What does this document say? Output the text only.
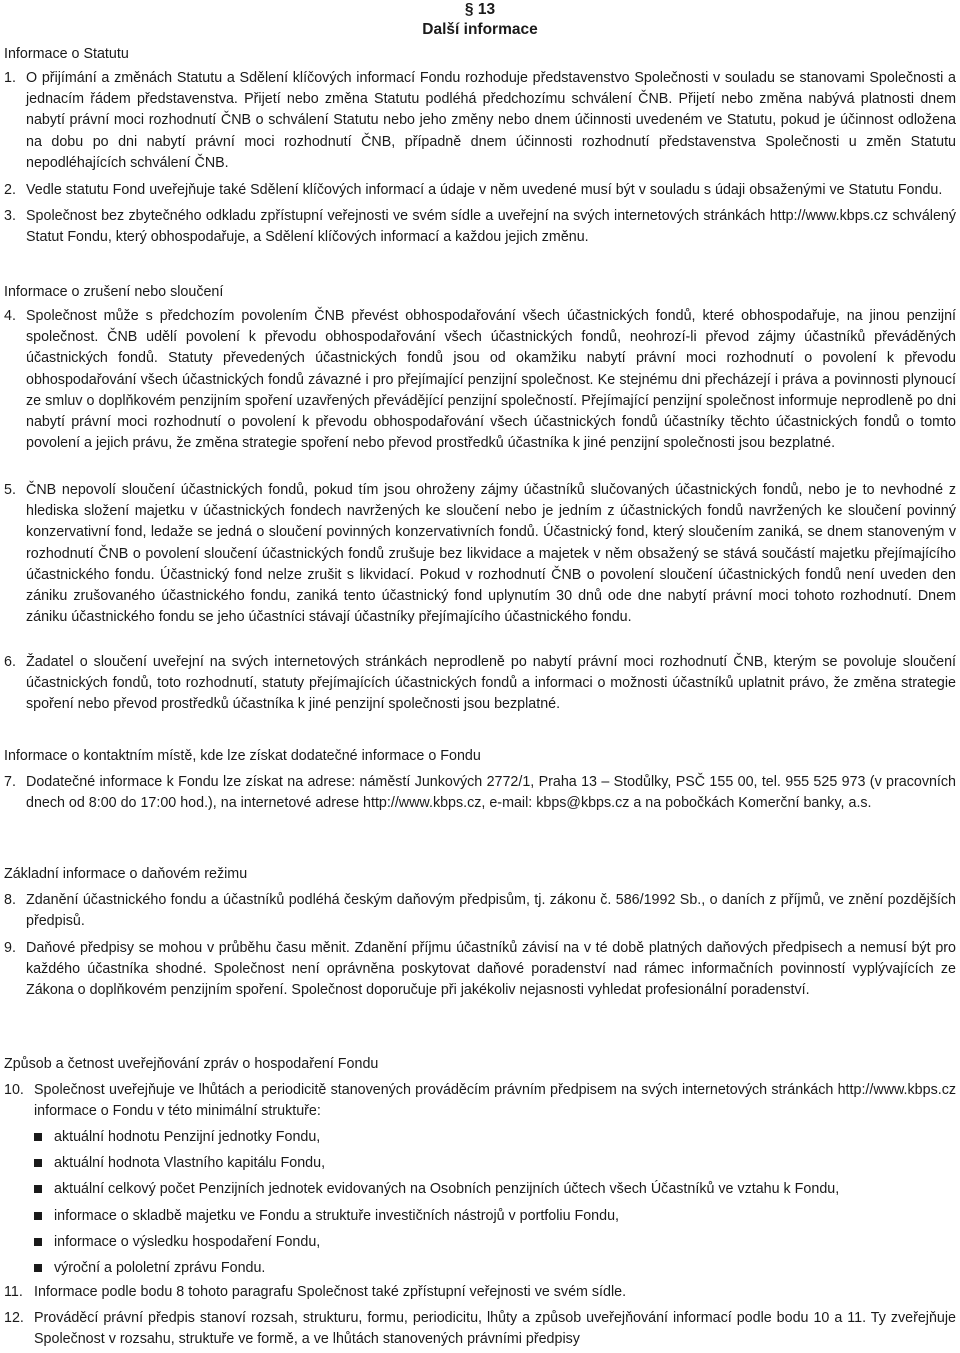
§ 13
Další informace
Informace o Statutu
1. O přijímání a změnách Statutu a Sdělení klíčových informací Fondu rozhoduje představenstvo Společnosti v souladu se stanovami Společnosti a jednacím řádem představenstva. Přijetí nebo změna Statutu podléhá předchozímu schválení ČNB. Přijetí nebo změna nabývá platnosti dnem nabytí právní moci rozhodnutí ČNB o schválení Statutu nebo jeho změny nebo dnem účinnosti uvedeném ve Statutu, pokud je účinnost odložena na dobu po dni nabytí právní moci rozhodnutí ČNB, případně dnem účinnosti rozhodnutí představenstva Společnosti u změn Statutu nepodléhajících schválení ČNB.
2. Vedle statutu Fond uveřejňuje také Sdělení klíčových informací a údaje v něm uvedené musí být v souladu s údaji obsaženými ve Statutu Fondu.
3. Společnost bez zbytečného odkladu zpřístupní veřejnosti ve svém sídle a uveřejní na svých internetových stránkách http://www.kbps.cz schválený Statut Fondu, který obhospodařuje, a Sdělení klíčových informací a každou jejich změnu.
Informace o zrušení nebo sloučení
4. Společnost může s předchozím povolením ČNB převést obhospodařování všech účastnických fondů, které obhospodařuje, na jinou penzijní společnost. ČNB udělí povolení k převodu obhospodařování všech účastnických fondů, neohrozí-li převod zájmy účastníků převáděných účastnických fondů. Statuty převedených účastnických fondů jsou od okamžiku nabytí právní moci rozhodnutí o povolení k převodu obhospodařování všech účastnických fondů závazné i pro přejímající penzijní společnost. Ke stejnému dni přecházejí i práva a povinnosti plynoucí ze smluv o doplňkovém penzijním spoření uzavřených převádějící penzijní společností. Přejímající penzijní společnost informuje neprodleně po dni nabytí právní moci rozhodnutí o povolení k převodu obhospodařování všech účastnických fondů účastníky těchto účastnických fondů o tomto povolení a jejich právu, že změna strategie spoření nebo převod prostředků účastníka k jiné penzijní společnosti jsou bezplatné.
5. ČNB nepovolí sloučení účastnických fondů, pokud tím jsou ohroženy zájmy účastníků slučovaných účastnických fondů, nebo je to nevhodné z hlediska složení majetku v účastnických fondech navržených ke sloučení nebo je jedním z účastnických fondů navržených ke sloučení povinný konzervativní fond, ledaže se jedná o sloučení povinných konzervativních fondů. Účastnický fond, který sloučením zaniká, se dnem stanoveným v rozhodnutí ČNB o povolení sloučení účastnických fondů zrušuje bez likvidace a majetek v něm obsažený se stává součástí majetku přejímajícího účastnického fondu. Účastnický fond nelze zrušit s likvidací. Pokud v rozhodnutí ČNB o povolení sloučení účastnických fondů není uveden den zániku zrušovaného účastnického fondu, zaniká tento účastnický fond uplynutím 30 dnů ode dne nabytí právní moci tohoto rozhodnutí. Dnem zániku účastnického fondu se jeho účastníci stávají účastníky přejímajícího účastnického fondu.
6. Žadatel o sloučení uveřejní na svých internetových stránkách neprodleně po nabytí právní moci rozhodnutí ČNB, kterým se povoluje sloučení účastnických fondů, toto rozhodnutí, statuty přejímajících účastnických fondů a informaci o možnosti účastníků uplatnit právo, že změna strategie spoření nebo převod prostředků účastníka k jiné penzijní společnosti jsou bezplatné.
Informace o kontaktním místě, kde lze získat dodatečné informace o Fondu
7. Dodatečné informace k Fondu lze získat na adrese: náměstí Junkových 2772/1, Praha 13 – Stodůlky, PSČ 155 00, tel. 955 525 973 (v pracovních dnech od 8:00 do 17:00 hod.), na internetové adrese http://www.kbps.cz, e-mail: kbps@kbps.cz a na pobočkách Komerční banky, a.s.
Základní informace o daňovém režimu
8. Zdanění účastnického fondu a účastníků podléhá českým daňovým předpisům, tj. zákonu č. 586/1992 Sb., o daních z příjmů, ve znění pozdějších předpisů.
9. Daňové předpisy se mohou v průběhu času měnit. Zdanění příjmu účastníků závisí na v té době platných daňových předpisech a nemusí být pro každého účastníka shodné. Společnost není oprávněna poskytovat daňové poradenství nad rámec informačních povinností vyplývajících ze Zákona o doplňkovém penzijním spoření. Společnost doporučuje při jakékoliv nejasnosti vyhledat profesionální poradenství.
Způsob a četnost uveřejňování zpráv o hospodaření Fondu
10. Společnost uveřejňuje ve lhůtách a periodicitě stanovených prováděcím právním předpisem na svých internetových stránkách http://www.kbps.cz informace o Fondu v této minimální struktuře:
aktuální hodnotu Penzijní jednotky Fondu,
aktuální hodnota Vlastního kapitálu Fondu,
aktuální celkový počet Penzijních jednotek evidovaných na Osobních penzijních účtech všech Účastníků ve vztahu k Fondu,
informace o skladbě majetku ve Fondu a struktuře investičních nástrojů v portfoliu Fondu,
informace o výsledku hospodaření Fondu,
výroční a pololetní zprávu Fondu.
11. Informace podle bodu 8 tohoto paragrafu Společnost také zpřístupní veřejnosti ve svém sídle.
12. Prováděcí právní předpis stanoví rozsah, strukturu, formu, periodicitu, lhůty a způsob uveřejňování informací podle bodu 10 a 11. Ty zveřejňuje Společnost v rozsahu, struktuře ve formě, a ve lhůtách stanovených právními předpisy
